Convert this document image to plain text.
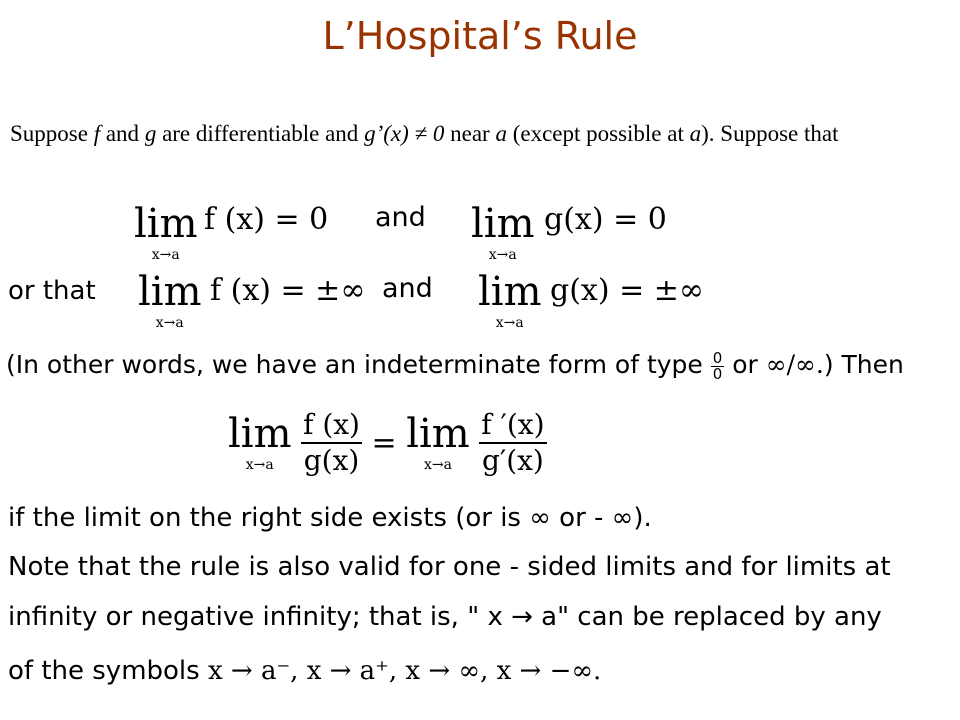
L’Hospital’s Rule
Suppose f and g are differentiable and g’(x) ≠ 0 near a (except possible at a). Suppose that
lim
x→a
f (x) = 0 and lim
x→a
g(x) = 0
or that lim
x→a
f (x) = ±∞ and lim
x→a
g(x) = ±∞
(In other words, we have an indeterminate form of type $\frac{0}{0}$ or ∞/∞.) Then
lim
x→a
$\frac{f (x)}{g(x)} = \lim$
x→a
$\frac{f '(x)}{g'(x)}$
if the limit on the right side exists (or is ∞ or - ∞).
Note that the rule is also valid for one - sided limits and for limits at
infinity or negative infinity; that is, " x → a" can be replaced by any
of the symbols x → a⁻, x → a⁺, x → ∞, x → −∞.
